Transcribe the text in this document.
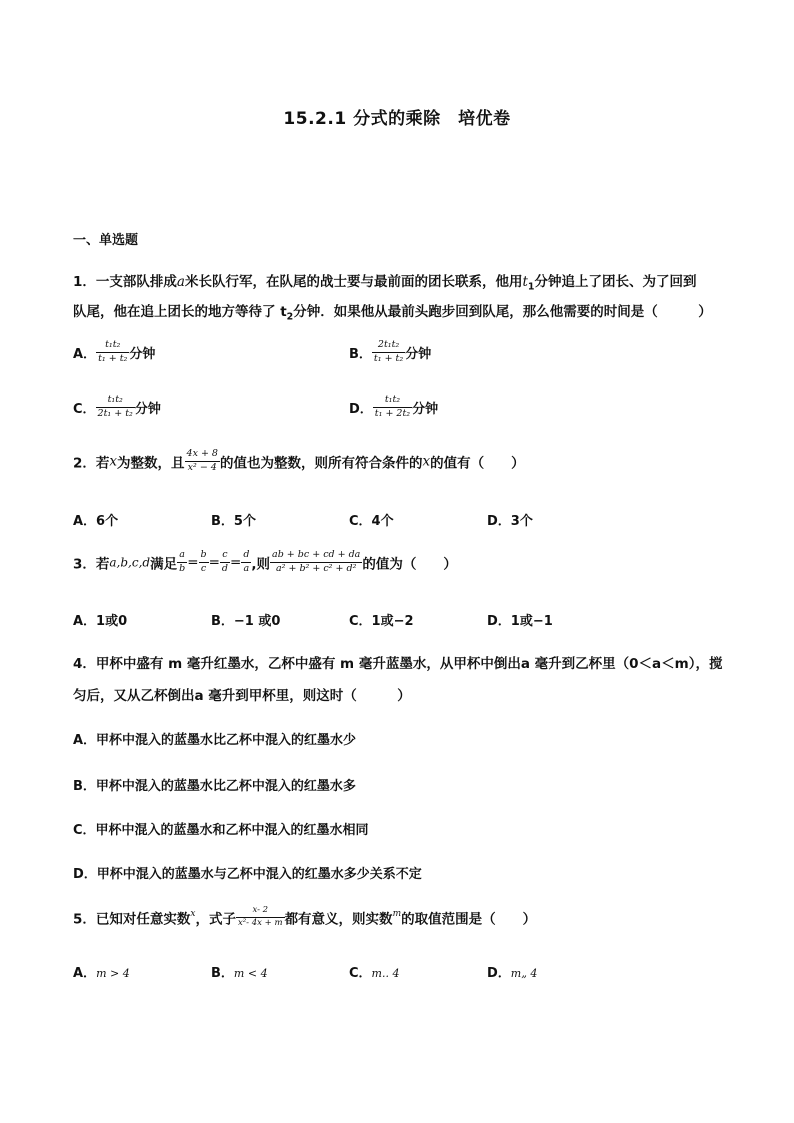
15.2.1 分式的乘除　培优卷
一、单选题
1．一支部队排成a米长队行军，在队尾的战士要与最前面的团长联系，他用$t_1$分钟追上了团长、为了回到
队尾，他在追上团长的地方等待了 $t_2$分钟．如果他从最前头跑步回到队尾，那么他需要的时间是（　　　）
A． $\frac{\text{t₁t₂}}{\text{t₁ + t₂}}$ 分钟	B． $\frac{\text{2t₁t₂}}{\text{t₁ + t₂}}$ 分钟
C． $\frac{\text{t₁t₂}}{\text{2t₁ + t₂}}$ 分钟	D． $\frac{\text{t₁t₂}}{\text{t₁ + 2t₂}}$ 分钟
2．若x为整数，且 $\frac{4x + 8}{\text{x² − 4}}$ 的值也为整数，则所有符合条件的x的值有（　　）
A．6个	B．5个	C．4个	D．3个
3．若a,b,c,d满足 $\frac{a}{b} = \frac{b}{c} = \frac{c}{d} = \frac{d}{a}$ ,则 $\frac{ab + bc + cd + da}{\text{a² + b² + c² + d²}}$ 的值为（　　）
A．1或0	B．−1 或0	C．1或−2	D．1或−1
4．甲杯中盛有 m 毫升红墨水，乙杯中盛有 m 毫升蓝墨水，从甲杯中倒出a 毫升到乙杯里（0＜a＜m），搅
匀后，又从乙杯倒出a 毫升到甲杯里，则这时（　　　）
A．甲杯中混入的蓝墨水比乙杯中混入的红墨水少
B．甲杯中混入的蓝墨水比乙杯中混入的红墨水多
C．甲杯中混入的蓝墨水和乙杯中混入的红墨水相同
D．甲杯中混入的蓝墨水与乙杯中混入的红墨水多少关系不定
5．已知对任意实数$^x$，式子 $\frac{x- 2}{\text{x²- 4x + m}}$ 都有意义，则实数$^m$的取值范围是（　　）
A．m > 4	B．m < 4	C．m.. 4	D．m„ 4
